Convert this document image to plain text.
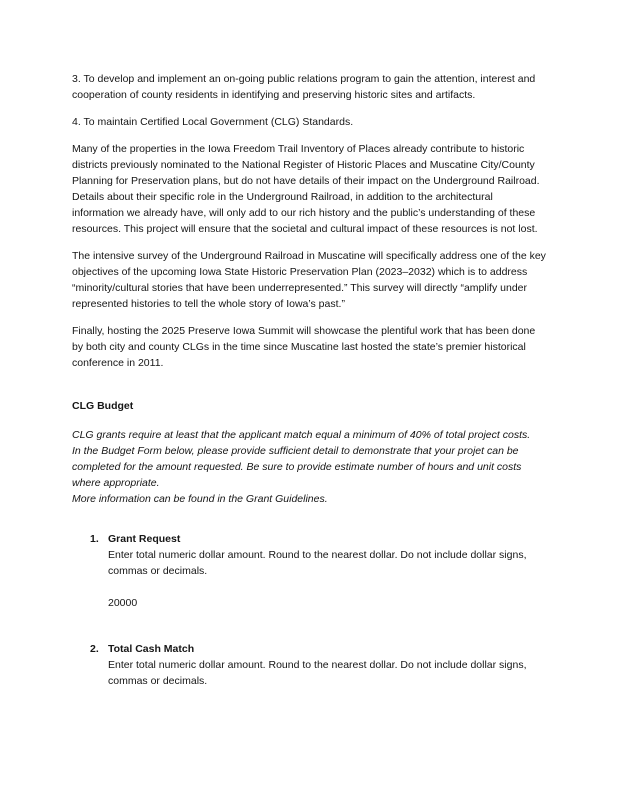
3. To develop and implement an on-going public relations program to gain the attention, interest and cooperation of county residents in identifying and preserving historic sites and artifacts.

4. To maintain Certified Local Government (CLG) Standards.

Many of the properties in the Iowa Freedom Trail Inventory of Places already contribute to historic districts previously nominated to the National Register of Historic Places and Muscatine City/County Planning for Preservation plans, but do not have details of their impact on the Underground Railroad. Details about their specific role in the Underground Railroad, in addition to the architectural information we already have, will only add to our rich history and the public’s understanding of these resources. This project will ensure that the societal and cultural impact of these resources is not lost.

The intensive survey of the Underground Railroad in Muscatine will specifically address one of the key objectives of the upcoming Iowa State Historic Preservation Plan (2023–2032) which is to address “minority/cultural stories that have been underrepresented.” This survey will directly “amplify under represented histories to tell the whole story of Iowa’s past.”

Finally, hosting the 2025 Preserve Iowa Summit will showcase the plentiful work that has been done by both city and county CLGs in the time since Muscatine last hosted the state’s premier historical conference in 2011.

CLG Budget

CLG grants require at least that the applicant match equal a minimum of 40% of total project costs.

In the Budget Form below, please provide sufficient detail to demonstrate that your projet can be completed for the amount requested. Be sure to provide estimate number of hours and unit costs where appropriate.

More information can be found in the Grant Guidelines.

1. Grant Request

Enter total numeric dollar amount. Round to the nearest dollar. Do not include dollar signs, commas or decimals.

20000

2. Total Cash Match

Enter total numeric dollar amount. Round to the nearest dollar. Do not include dollar signs, commas or decimals.
